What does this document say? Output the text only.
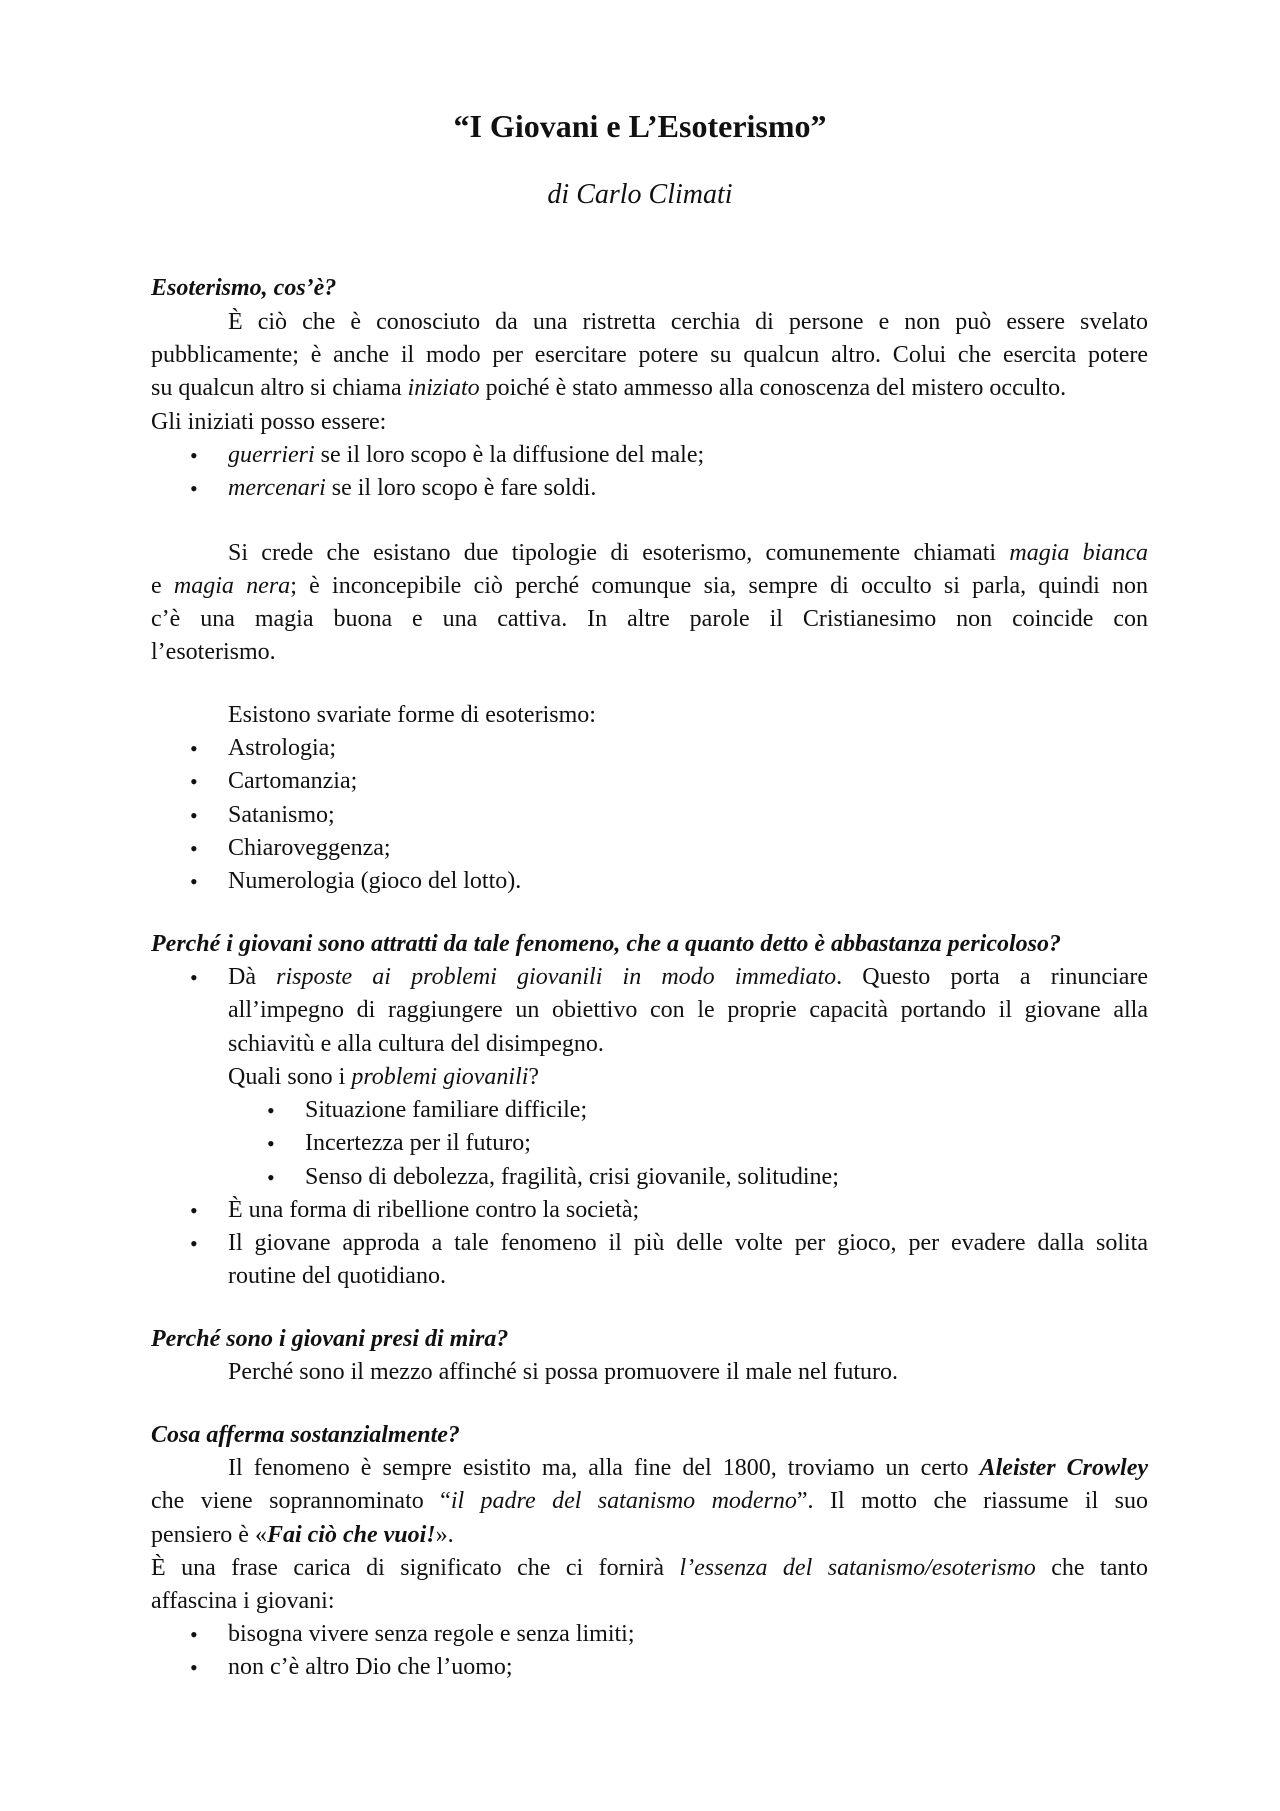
“I Giovani e L’Esoterismo”
di Carlo Climati
Esoterismo, cos’è?
È ciò che è conosciuto da una ristretta cerchia di persone e non può essere svelato
pubblicamente; è anche il modo per esercitare potere su qualcun altro. Colui che esercita potere
su qualcun altro si chiama iniziato poiché è stato ammesso alla conoscenza del mistero occulto.
Gli iniziati posso essere:
• guerrieri se il loro scopo è la diffusione del male;
• mercenari se il loro scopo è fare soldi.
Si crede che esistano due tipologie di esoterismo, comunemente chiamati magia bianca
e magia nera; è inconcepibile ciò perché comunque sia, sempre di occulto si parla, quindi non
c’è una magia buona e una cattiva. In altre parole il Cristianesimo non coincide con
l’esoterismo.
Esistono svariate forme di esoterismo:
• Astrologia;
• Cartomanzia;
• Satanismo;
• Chiaroveggenza;
• Numerologia (gioco del lotto).
Perché i giovani sono attratti da tale fenomeno, che a quanto detto è abbastanza pericoloso?
• Dà risposte ai problemi giovanili in modo immediato. Questo porta a rinunciare
all’impegno di raggiungere un obiettivo con le proprie capacità portando il giovane alla
schiavitù e alla cultura del disimpegno.
Quali sono i problemi giovanili?
• Situazione familiare difficile;
• Incertezza per il futuro;
• Senso di debolezza, fragilità, crisi giovanile, solitudine;
• È una forma di ribellione contro la società;
• Il giovane approda a tale fenomeno il più delle volte per gioco, per evadere dalla solita
routine del quotidiano.
Perché sono i giovani presi di mira?
Perché sono il mezzo affinché si possa promuovere il male nel futuro.
Cosa afferma sostanzialmente?
Il fenomeno è sempre esistito ma, alla fine del 1800, troviamo un certo Aleister Crowley
che viene soprannominato “il padre del satanismo moderno”. Il motto che riassume il suo
pensiero è «Fai ciò che vuoi!».
È una frase carica di significato che ci fornirà l’essenza del satanismo/esoterismo che tanto
affascina i giovani:
• bisogna vivere senza regole e senza limiti;
• non c’è altro Dio che l’uomo;
